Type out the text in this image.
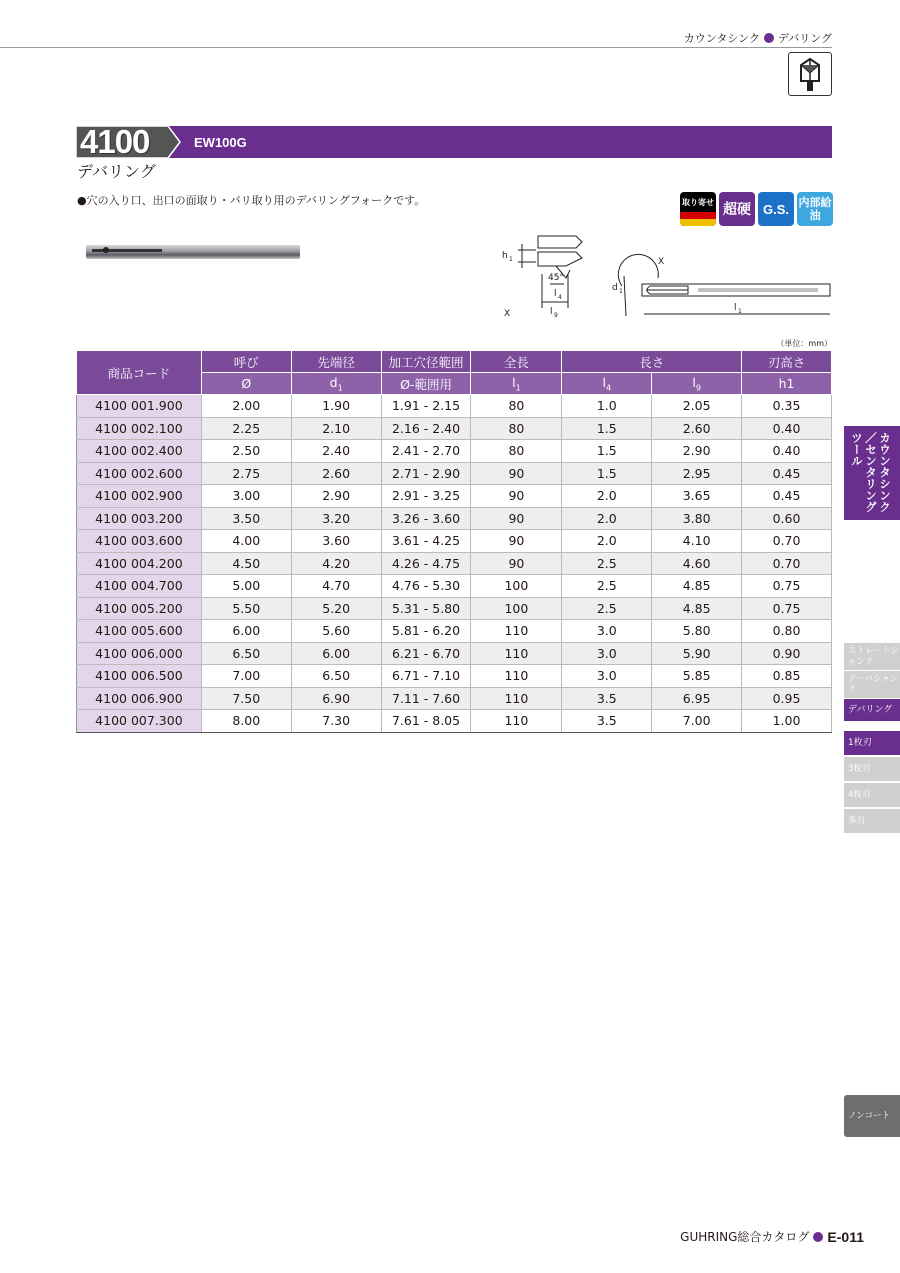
カウンタシンク デバリング
4100	EW100G
デバリング
●穴の入り口、出口の面取り・バリ取り用のデバリングフォークです。	取り寄せ 超硬 G.S. 内部給油
h 1
45°
l 4
l 9
X
X
d 1
l 1
（単位：mm）
商品コード	呼び	先端径	加工穴径範囲	全長	長さ		刃高さ
	Ø	$d_1$	Ø-範囲用	$l_1$	$l_4$	$l_9$	h1
4100 001.900	2.00	1.90	1.91 - 2.15	80	1.0	2.05	0.35
4100 002.100	2.25	2.10	2.16 - 2.40	80	1.5	2.60	0.40
4100 002.400	2.50	2.40	2.41 - 2.70	80	1.5	2.90	0.40
4100 002.600	2.75	2.60	2.71 - 2.90	90	1.5	2.95	0.45
4100 002.900	3.00	2.90	2.91 - 3.25	90	2.0	3.65	0.45
4100 003.200	3.50	3.20	3.26 - 3.60	90	2.0	3.80	0.60
4100 003.600	4.00	3.60	3.61 - 4.25	90	2.0	4.10	0.70
4100 004.200	4.50	4.20	4.26 - 4.75	90	2.5	4.60	0.70
4100 004.700	5.00	4.70	4.76 - 5.30	100	2.5	4.85	0.75
4100 005.200	5.50	5.20	5.31 - 5.80	100	2.5	4.85	0.75
4100 005.600	6.00	5.60	5.81 - 6.20	110	3.0	5.80	0.80
4100 006.000	6.50	6.00	6.21 - 6.70	110	3.0	5.90	0.90
4100 006.500	7.00	6.50	6.71 - 7.10	110	3.0	5.85	0.85
4100 006.900	7.50	6.90	7.11 - 7.60	110	3.5	6.95	0.95
4100 007.300	8.00	7.30	7.61 - 8.05	110	3.5	7.00	1.00
カウンタシンク／センタリングツール
ストレートシャンク
テーパシャンク
デバリング
1枚刃
3枚刃
4枚刃
多刃
ノンコート
GUHRING総合カタログ E-011
